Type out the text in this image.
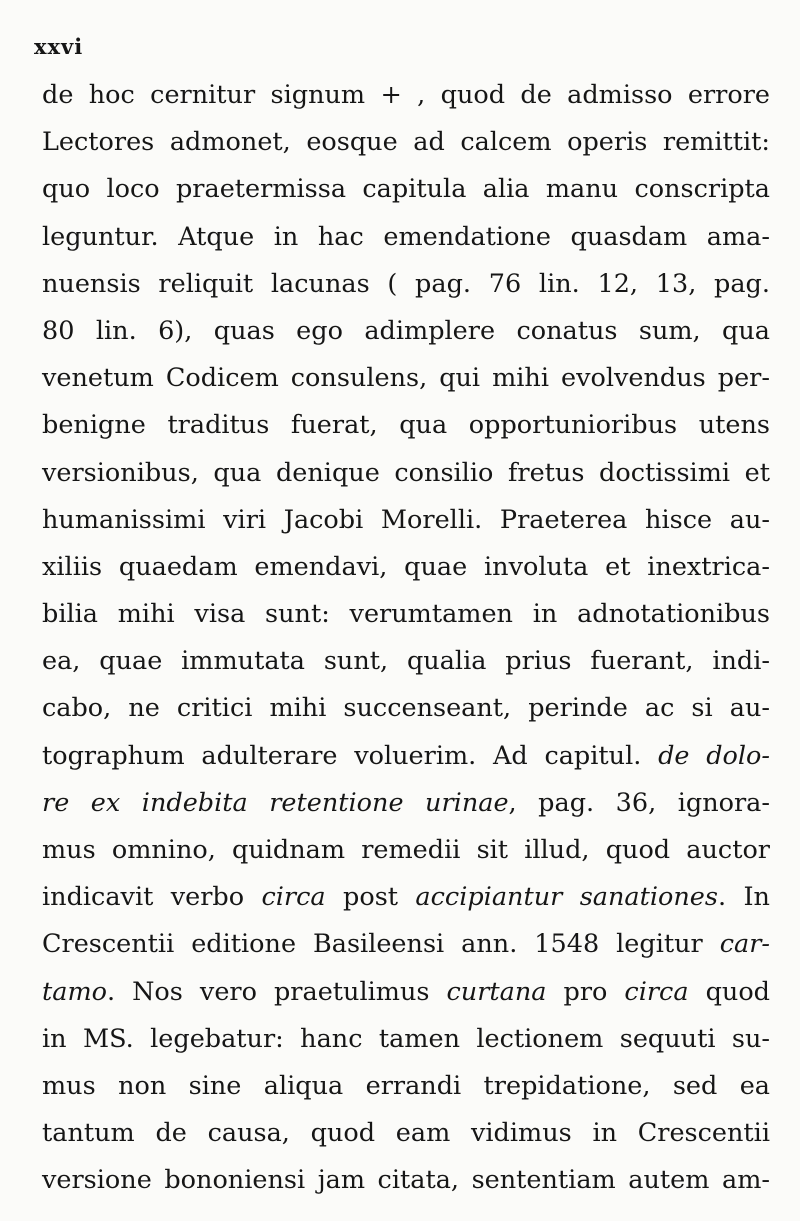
xxvi
de hoc cernitur signum + , quod de admisso errore
Lectores admonet, eosque ad calcem operis remittit:
quo loco praetermissa capitula alia manu conscripta
leguntur. Atque in hac emendatione quasdam ama-
nuensis reliquit lacunas ( pag. 76 lin. 12, 13, pag.
80 lin. 6), quas ego adimplere conatus sum, qua
venetum Codicem consulens, qui mihi evolvendus per-
benigne traditus fuerat, qua opportunioribus utens
versionibus, qua denique consilio fretus doctissimi et
humanissimi viri Jacobi Morelli. Praeterea hisce au-
xiliis quaedam emendavi, quae involuta et inextrica-
bilia mihi visa sunt: verumtamen in adnotationibus
ea, quae immutata sunt, qualia prius fuerant, indi-
cabo, ne critici mihi succenseant, perinde ac si au-
tographum adulterare voluerim. Ad capitul. de dolo-
re ex indebita retentione urinae, pag. 36, ignora-
mus omnino, quidnam remedii sit illud, quod auctor
indicavit verbo circa post accipiantur sanationes. In
Crescentii editione Basileensi ann. 1548 legitur car-
tamo. Nos vero praetulimus curtana pro circa quod
in MS. legebatur: hanc tamen lectionem sequuti su-
mus non sine aliqua errandi trepidatione, sed ea
tantum de causa, quod eam vidimus in Crescentii
versione bononiensi jam citata, sententiam autem am-
